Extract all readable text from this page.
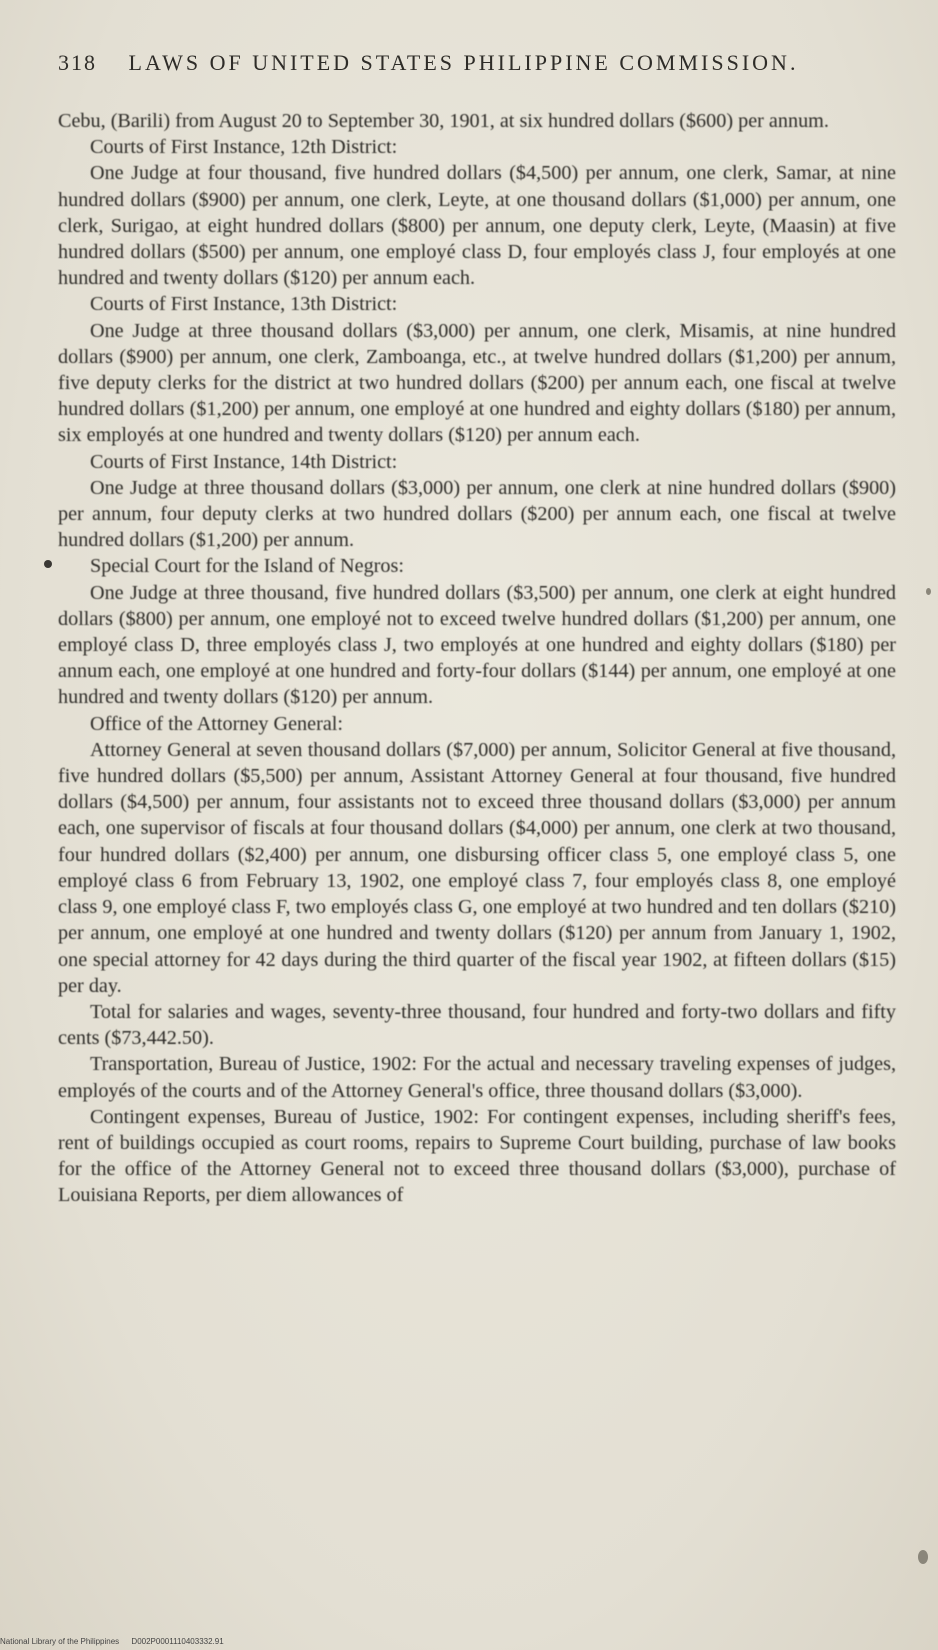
318 LAWS OF UNITED STATES PHILIPPINE COMMISSION.

Cebu, (Barili) from August 20 to September 30, 1901, at six hundred dollars ($600) per annum.

Courts of First Instance, 12th District:

One Judge at four thousand, five hundred dollars ($4,500) per annum, one clerk, Samar, at nine hundred dollars ($900) per annum, one clerk, Leyte, at one thousand dollars ($1,000) per annum, one clerk, Surigao, at eight hundred dollars ($800) per annum, one deputy clerk, Leyte, (Maasin) at five hundred dollars ($500) per annum, one employé class D, four employés class J, four employés at one hundred and twenty dollars ($120) per annum each.

Courts of First Instance, 13th District:

One Judge at three thousand dollars ($3,000) per annum, one clerk, Misamis, at nine hundred dollars ($900) per annum, one clerk, Zamboanga, etc., at twelve hundred dollars ($1,200) per annum, five deputy clerks for the district at two hundred dollars ($200) per annum each, one fiscal at twelve hundred dollars ($1,200) per annum, one employé at one hundred and eighty dollars ($180) per annum, six employés at one hundred and twenty dollars ($120) per annum each.

Courts of First Instance, 14th District:

One Judge at three thousand dollars ($3,000) per annum, one clerk at nine hundred dollars ($900) per annum, four deputy clerks at two hundred dollars ($200) per annum each, one fiscal at twelve hundred dollars ($1,200) per annum.

Special Court for the Island of Negros:

One Judge at three thousand, five hundred dollars ($3,500) per annum, one clerk at eight hundred dollars ($800) per annum, one employé not to exceed twelve hundred dollars ($1,200) per annum, one employé class D, three employés class J, two employés at one hundred and eighty dollars ($180) per annum each, one employé at one hundred and forty-four dollars ($144) per annum, one employé at one hundred and twenty dollars ($120) per annum.

Office of the Attorney General:

Attorney General at seven thousand dollars ($7,000) per annum, Solicitor General at five thousand, five hundred dollars ($5,500) per annum, Assistant Attorney General at four thousand, five hundred dollars ($4,500) per annum, four assistants not to exceed three thousand dollars ($3,000) per annum each, one supervisor of fiscals at four thousand dollars ($4,000) per annum, one clerk at two thousand, four hundred dollars ($2,400) per annum, one disbursing officer class 5, one employé class 5, one employé class 6 from February 13, 1902, one employé class 7, four employés class 8, one employé class 9, one employé class F, two employés class G, one employé at two hundred and ten dollars ($210) per annum, one employé at one hundred and twenty dollars ($120) per annum from January 1, 1902, one special attorney for 42 days during the third quarter of the fiscal year 1902, at fifteen dollars ($15) per day.

Total for salaries and wages, seventy-three thousand, four hundred and forty-two dollars and fifty cents ($73,442.50).

Transportation, Bureau of Justice, 1902: For the actual and necessary traveling expenses of judges, employés of the courts and of the Attorney General's office, three thousand dollars ($3,000).

Contingent expenses, Bureau of Justice, 1902: For contingent expenses, including sheriff's fees, rent of buildings occupied as court rooms, repairs to Supreme Court building, purchase of law books for the office of the Attorney General not to exceed three thousand dollars ($3,000), purchase of Louisiana Reports, per diem allowances of

National Library of the Philippines D002P0001110403332.91
